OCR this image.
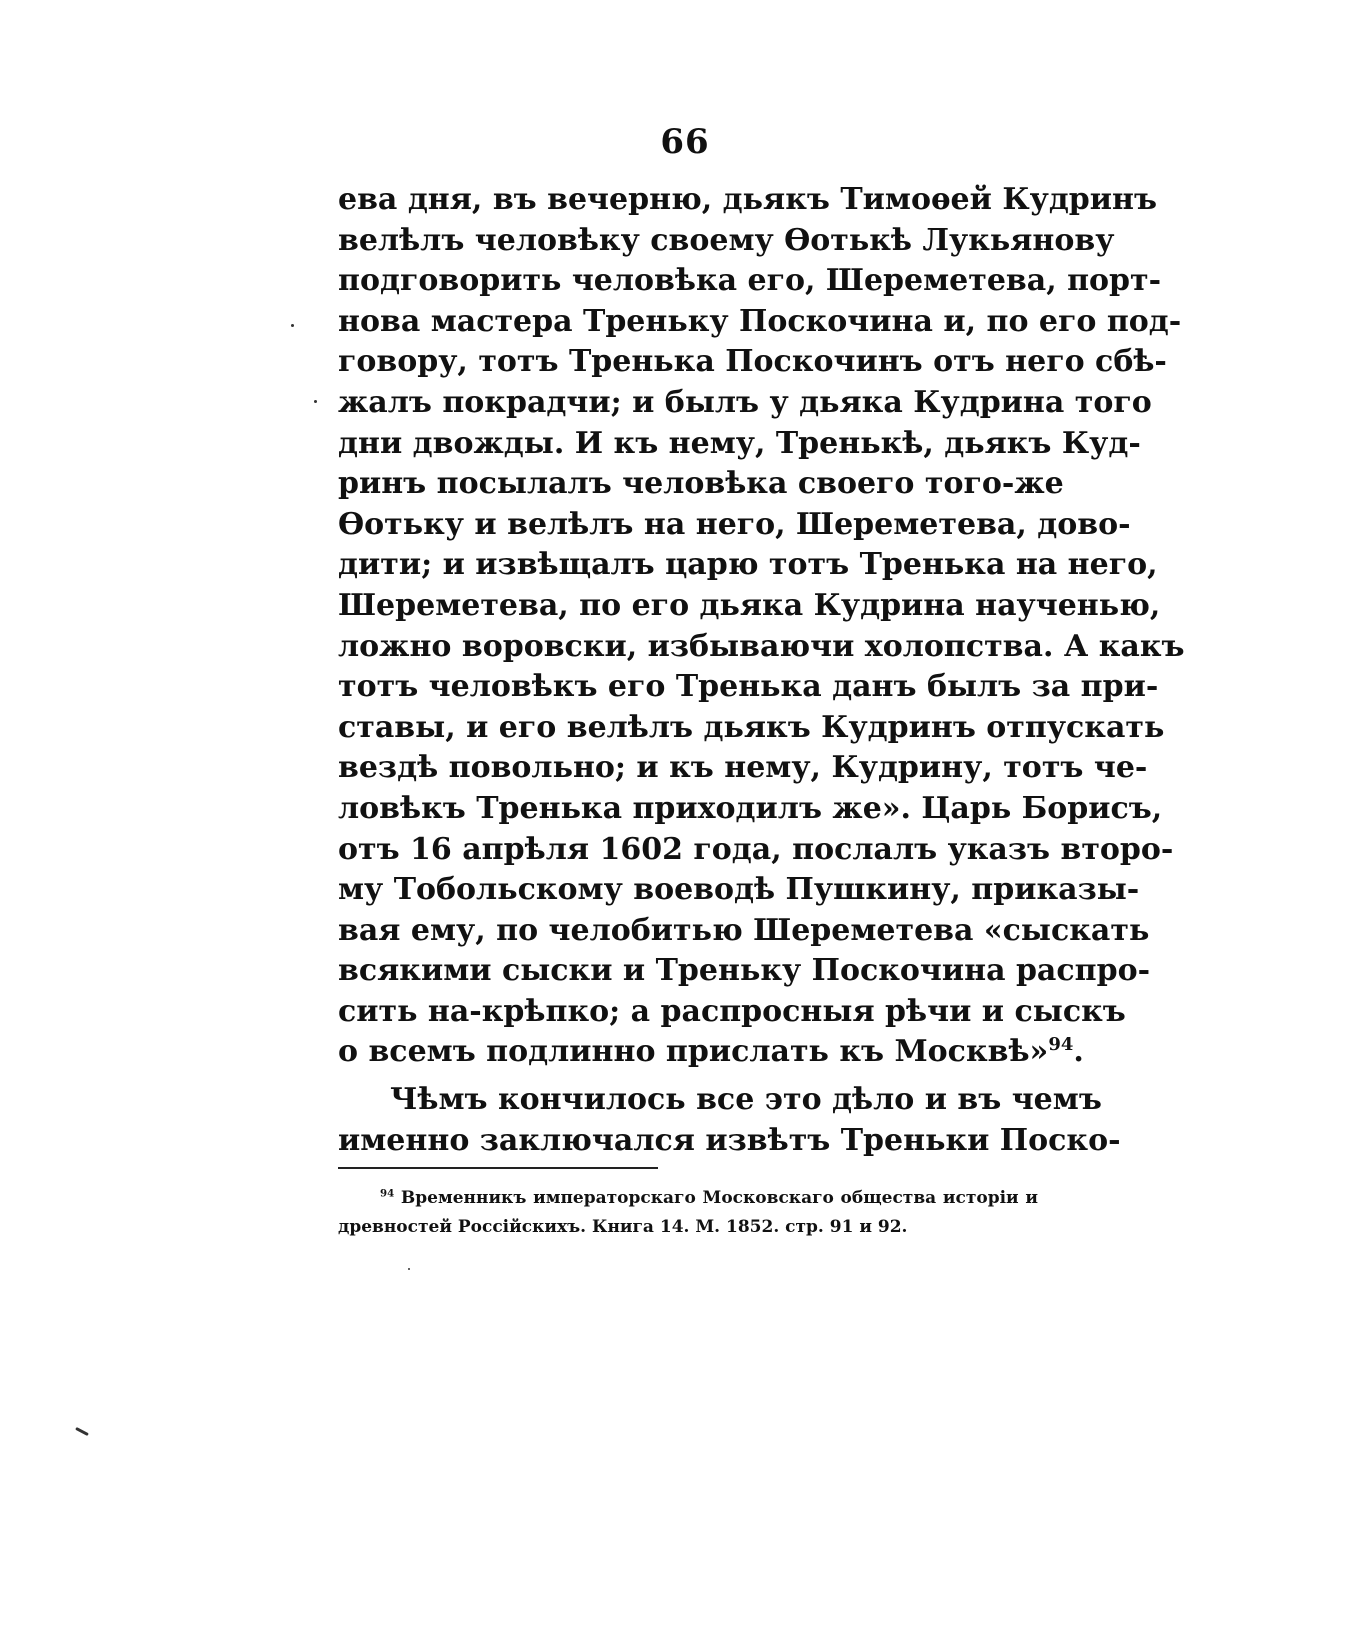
66
ева дня, въ вечерню, дьякъ Тимоѳей Кудринъ
велѣлъ человѣку своему Ѳотькѣ Лукьянову
подговорить человѣка его, Шереметева, порт-
нова мастера Треньку Поскочина и, по его под-
говору, тотъ Тренька Поскочинъ отъ него сбѣ-
жалъ покрадчи; и былъ у дьяка Кудрина того
дни двожды. И къ нему, Тренькѣ, дьякъ Куд-
ринъ посылалъ человѣка своего того-же
Ѳотьку и велѣлъ на него, Шереметева, дово-
дити; и извѣщалъ царю тотъ Тренька на него,
Шереметева, по его дьяка Кудрина наученью,
ложно воровски, избываючи холопства. А какъ
тотъ человѣкъ его Тренька данъ былъ за при-
ставы, и его велѣлъ дьякъ Кудринъ отпускать
вездѣ повольно; и къ нему, Кудрину, тотъ че-
ловѣкъ Тренька приходилъ же». Царь Борисъ,
отъ 16 апрѣля 1602 года, послалъ указъ второ-
му Тобольскому воеводѣ Пушкину, приказы-
вая ему, по челобитью Шереметева «сыскать
всякими сыски и Треньку Поскочина распро-
сить на-крѣпко; а распросныя рѣчи и сыскъ
о всемъ подлинно прислать къ Москвѣ»$^{94}$.
Чѣмъ кончилось все это дѣло и въ чемъ
именно заключался извѣтъ Треньки Поско-
$^{94}$ Временникъ императорскаго Московскаго общества исторіи и
древностей Россійскихъ. Книга 14. М. 1852. стр. 91 и 92.
